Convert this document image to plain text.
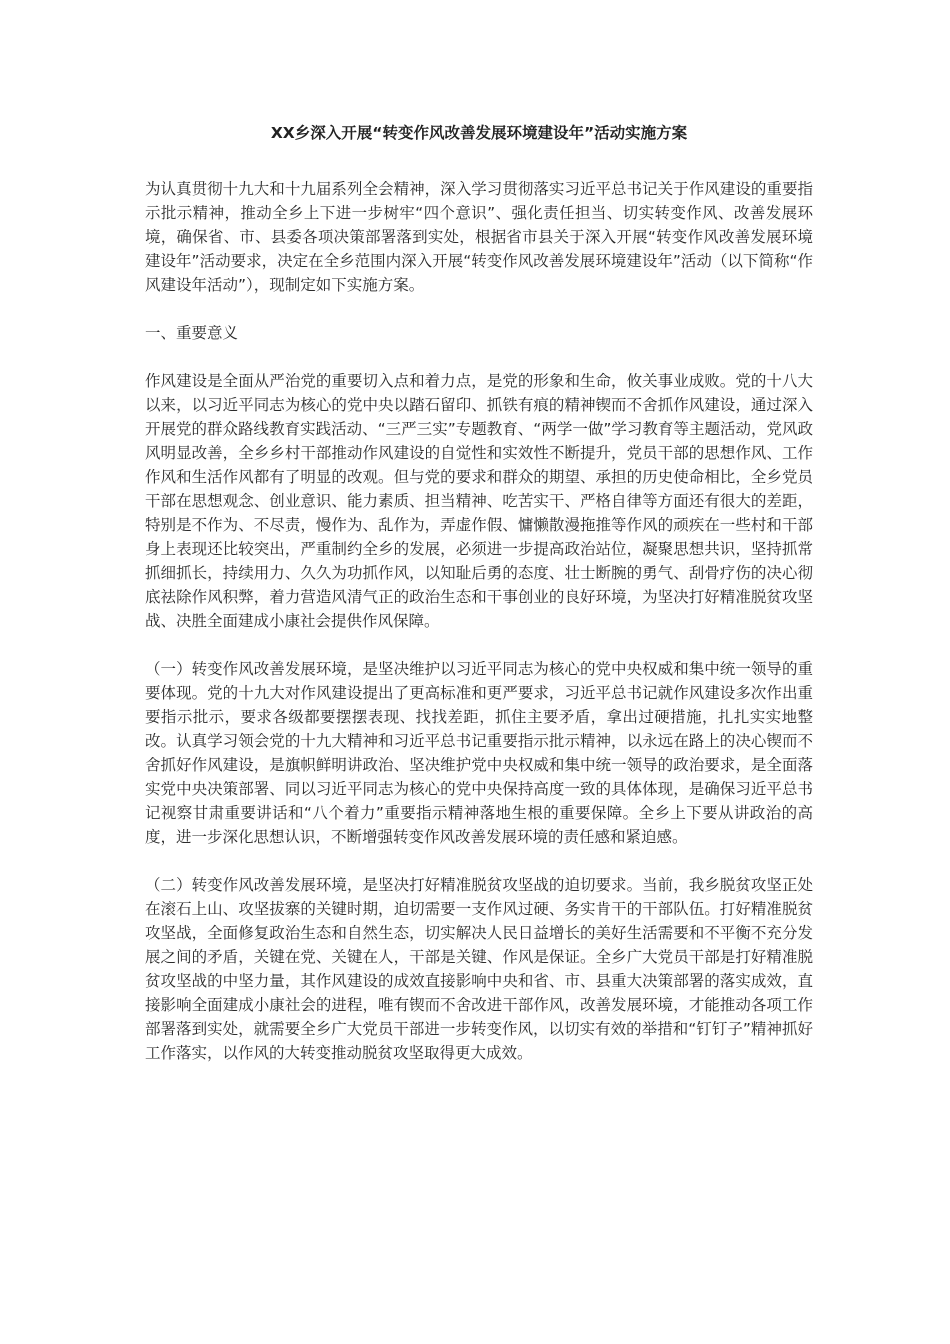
XX乡深入开展“转变作风改善发展环境建设年”活动实施方案

为认真贯彻十九大和十九届系列全会精神，深入学习贯彻落实习近平总书记关于作风建设的重要指示批示精神，推动全乡上下进一步树牢“四个意识”、强化责任担当、切实转变作风、改善发展环境，确保省、市、县委各项决策部署落到实处，根据省市县关于深入开展“转变作风改善发展环境建设年”活动要求，决定在全乡范围内深入开展“转变作风改善发展环境建设年”活动（以下简称“作风建设年活动”），现制定如下实施方案。

一、重要意义

作风建设是全面从严治党的重要切入点和着力点，是党的形象和生命，攸关事业成败。党的十八大以来，以习近平同志为核心的党中央以踏石留印、抓铁有痕的精神锲而不舍抓作风建设，通过深入开展党的群众路线教育实践活动、“三严三实”专题教育、“两学一做”学习教育等主题活动，党风政风明显改善，全乡乡村干部推动作风建设的自觉性和实效性不断提升，党员干部的思想作风、工作作风和生活作风都有了明显的改观。但与党的要求和群众的期望、承担的历史使命相比，全乡党员干部在思想观念、创业意识、能力素质、担当精神、吃苦实干、严格自律等方面还有很大的差距，特别是不作为、不尽责，慢作为、乱作为，弄虚作假、慵懒散漫拖推等作风的顽疾在一些村和干部身上表现还比较突出，严重制约全乡的发展，必须进一步提高政治站位，凝聚思想共识，坚持抓常抓细抓长，持续用力、久久为功抓作风，以知耻后勇的态度、壮士断腕的勇气、刮骨疗伤的决心彻底祛除作风积弊，着力营造风清气正的政治生态和干事创业的良好环境，为坚决打好精准脱贫攻坚战、决胜全面建成小康社会提供作风保障。

（一）转变作风改善发展环境，是坚决维护以习近平同志为核心的党中央权威和集中统一领导的重要体现。党的十九大对作风建设提出了更高标准和更严要求，习近平总书记就作风建设多次作出重要指示批示，要求各级都要摆摆表现、找找差距，抓住主要矛盾，拿出过硬措施，扎扎实实地整改。认真学习领会党的十九大精神和习近平总书记重要指示批示精神，以永远在路上的决心锲而不舍抓好作风建设，是旗帜鲜明讲政治、坚决维护党中央权威和集中统一领导的政治要求，是全面落实党中央决策部署、同以习近平同志为核心的党中央保持高度一致的具体体现，是确保习近平总书记视察甘肃重要讲话和“八个着力”重要指示精神落地生根的重要保障。全乡上下要从讲政治的高度，进一步深化思想认识，不断增强转变作风改善发展环境的责任感和紧迫感。

（二）转变作风改善发展环境，是坚决打好精准脱贫攻坚战的迫切要求。当前，我乡脱贫攻坚正处在滚石上山、攻坚拔寨的关键时期，迫切需要一支作风过硬、务实肯干的干部队伍。打好精准脱贫攻坚战，全面修复政治生态和自然生态，切实解决人民日益增长的美好生活需要和不平衡不充分发展之间的矛盾，关键在党、关键在人，干部是关键、作风是保证。全乡广大党员干部是打好精准脱贫攻坚战的中坚力量，其作风建设的成效直接影响中央和省、市、县重大决策部署的落实成效，直接影响全面建成小康社会的进程，唯有锲而不舍改进干部作风，改善发展环境，才能推动各项工作部署落到实处，就需要全乡广大党员干部进一步转变作风，以切实有效的举措和“钉钉子”精神抓好工作落实，以作风的大转变推动脱贫攻坚取得更大成效。
